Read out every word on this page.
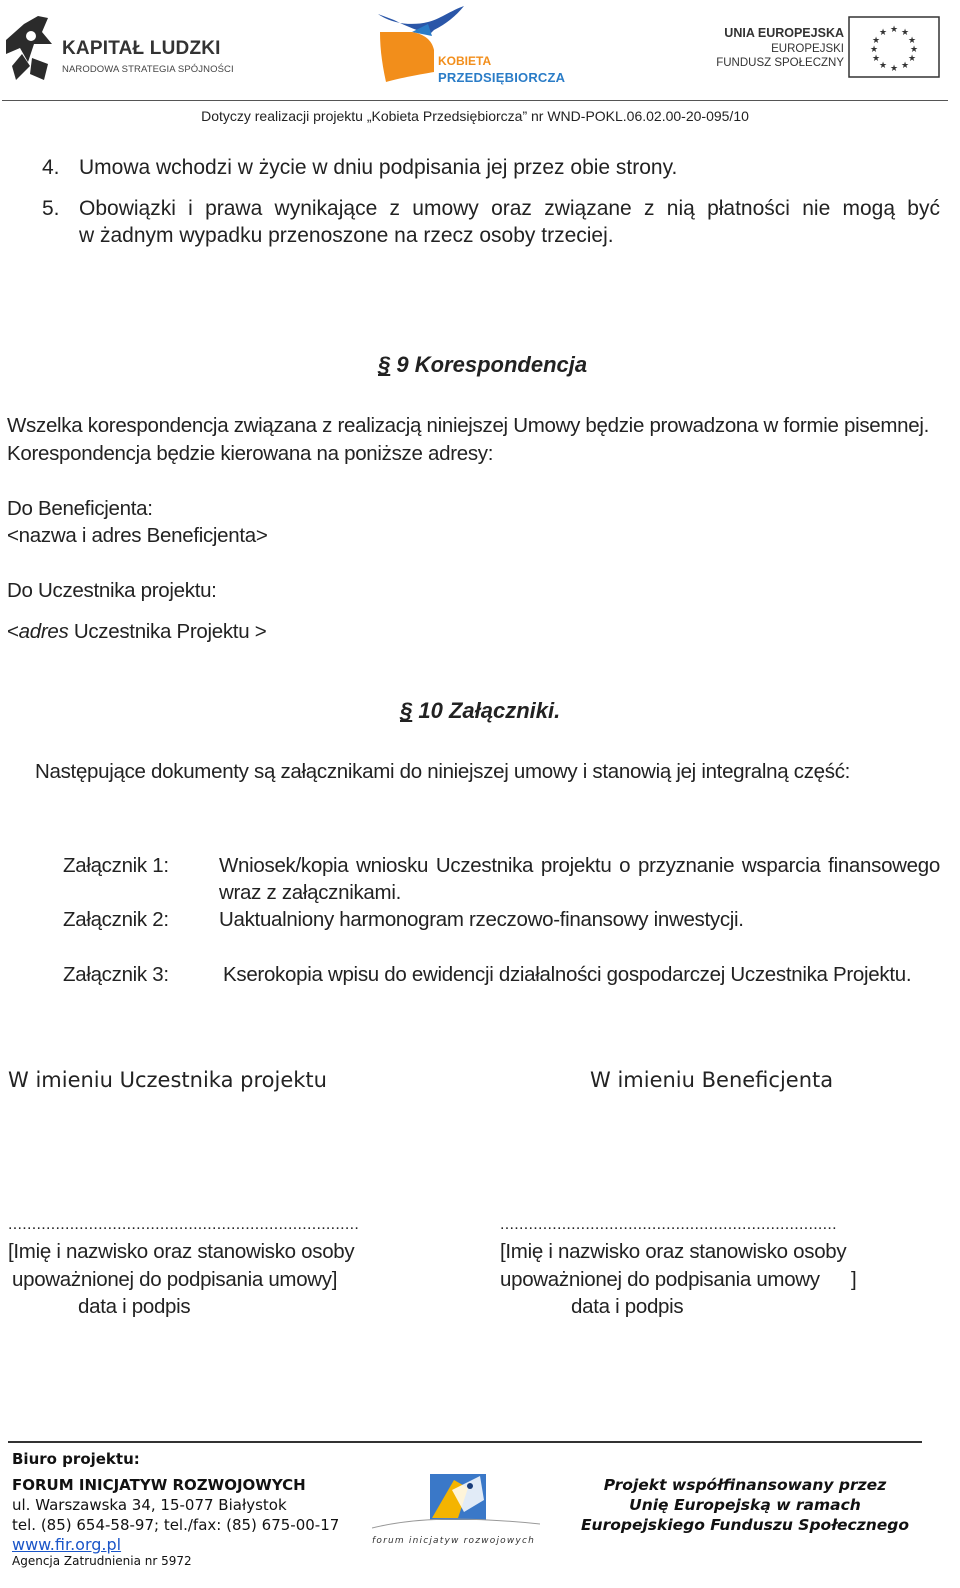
KAPITAŁ LUDZKI
NARODOWA STRATEGIA SPÓJNOŚCI
KOBIETA
PRZEDSIĘBIORCZA
UNIA EUROPEJSKA
EUROPEJSKI
FUNDUSZ SPOŁECZNY
★ ★
★
★
★
★
★
★
★
★
★
★
Dotyczy realizacji projektu „Kobieta Przedsiębiorcza” nr WND-POKL.06.02.00-20-095/10
4. Umowa wchodzi w życie w dniu podpisania jej przez obie strony.
5. Obowiązki i prawa wynikające z umowy oraz związane z nią płatności nie mogą być
w żadnym wypadku przenoszone na rzecz osoby trzeciej.
§ 9 Korespondencja
Wszelka korespondencja związana z realizacją niniejszej Umowy będzie prowadzona w formie pisemnej.
Korespondencja będzie kierowana na poniższe adresy:
Do Beneficjenta:
<nazwa i adres Beneficjenta>
Do Uczestnika projektu:
<adres Uczestnika Projektu >
§ 10 Załączniki.
Następujące dokumenty są załącznikami do niniejszej umowy i stanowią jej integralną część:
Załącznik 1: Wniosek/kopia wniosku Uczestnika projektu o przyznanie wsparcia finansowego
wraz z załącznikami.
Załącznik 2: Uaktualniony harmonogram rzeczowo-finansowy inwestycji.
Załącznik 3:	Kserokopia wpisu do ewidencji działalności gospodarczej Uczestnika Projektu.
W imieniu Uczestnika projektu	W imieniu Beneficjenta
..........................................................................	.......................................................................
[Imię i nazwisko oraz stanowisko osoby
upoważnionej do podpisania umowy]
data i podpis
[Imię i nazwisko oraz stanowisko osoby
upoważnionej do podpisania umowy ]
data i podpis
Biuro projektu:
FORUM INICJATYW ROZWOJOWYCH
ul. Warszawska 34, 15-077 Białystok
tel. (85) 654-58-97; tel./fax: (85) 675-00-17
www.fir.org.pl
Agencja Zatrudnienia nr 5972
forum inicjatyw rozwojowych
Projekt współfinansowany przez
Unię Europejską w ramach
Europejskiego Funduszu Społecznego
